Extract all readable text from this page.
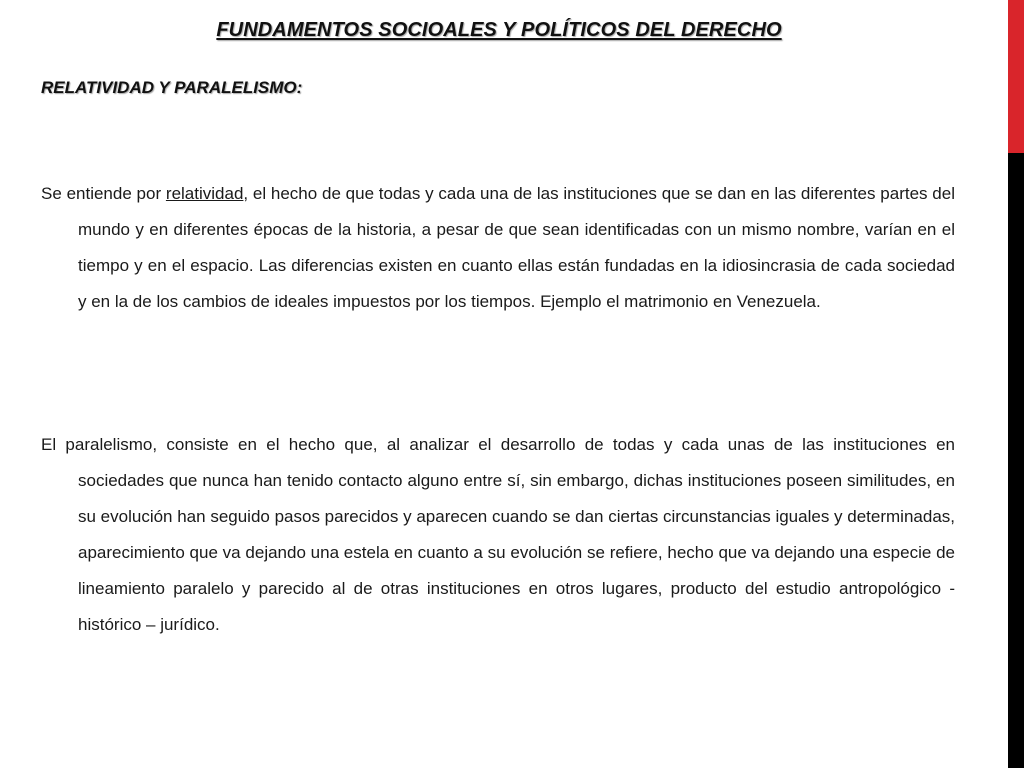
FUNDAMENTOS SOCIOALES Y POLÍTICOS DEL DERECHO
RELATIVIDAD Y PARALELISMO:

Se entiende por relatividad, el hecho de que todas y cada una de las instituciones que se dan en las diferentes partes del mundo y en diferentes épocas de la historia, a pesar de que sean identificadas con un mismo nombre, varían en el tiempo y en el espacio. Las diferencias existen en cuanto ellas están fundadas en la idiosincrasia de cada sociedad y en la de los cambios de ideales impuestos por los tiempos. Ejemplo el matrimonio en Venezuela.

El paralelismo, consiste en el hecho que, al analizar el desarrollo de todas y cada unas de las instituciones en sociedades que nunca han tenido contacto alguno entre sí, sin embargo, dichas instituciones poseen similitudes, en su evolución han seguido pasos parecidos y aparecen cuando se dan ciertas circunstancias iguales y determinadas, aparecimiento que va dejando una estela en cuanto a su evolución se refiere, hecho que va dejando una especie de lineamiento paralelo y parecido al de otras instituciones en otros lugares, producto del estudio antropológico - histórico – jurídico.
